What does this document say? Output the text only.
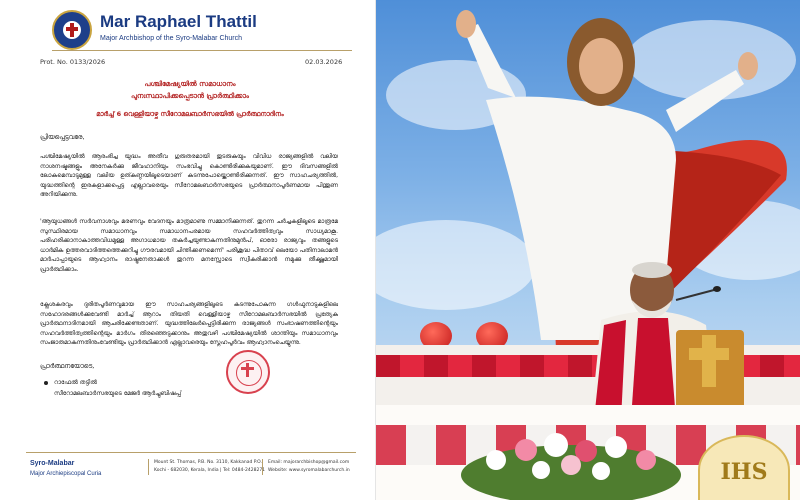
Mar Raphael Thattil
Major Archbishop of the Syro-Malabar Church
Prot. No. 0133/2026	02.03.2026
പശ്ചിമേഷ്യയിൽ സമാധാനം
പുനഃസ്ഥാപിക്കപ്പെടാൻ പ്രാർത്ഥിക്കാം
മാർച്ച് 6 വെള്ളിയാഴ്ച സീറോമലബാർസഭയിൽ പ്രാർത്ഥനാദിനം
പ്രിയപ്പെട്ടവരേ,

പശ്ചിമേഷ്യയിൽ ആരംഭിച്ച യുദ്ധം അതീവ ഗുരുതരമായി തുടരുകയും വിവിധ രാജ്യങ്ങളിൽ വലിയ നാശനഷ്ടങ്ങളും അനേകർക്കു ജീവഹാനിയും സംഭവിച്ചു കൊണ്ടിരിക്കുകയുമാണ്. ഈ ദിവസങ്ങളിൽ ലോകമെമ്പാടുമുള്ള വലിയ ഉത്കണ്ഠയിലൂടെയാണ് കടന്നുപോയ്ക്കൊണ്ടിരിക്കുന്നത്. ഈ സാഹചര്യത്തിൽ, യുദ്ധത്തിന്റെ ഇരകളാക്കപ്പെട്ട എല്ലാവരെയും സീറോമലബാർസഭയുടെ പ്രാർത്ഥനാപൂർണമായ പിന്തുണ അറിയിക്കുന്നു.

'ആയുധങ്ങൾ സർവനാശവും മരണവും വേദനയും മാത്രമാണു സമ്മാനിക്കുന്നത്. തുറന്ന ചർച്ചകളിലൂടെ മാത്രമേ സുസ്ഥിരമായ സമാധാനവും സമാധാനപരമായ സഹവർത്തിത്വവും സാധ്യമാകൂ. പരിഹരിക്കാനാകാത്തവിധമുള്ള അഗാധമായ തകർച്ചയുണ്ടാകുന്നതിനുമുൻപ്, ഓരോ രാജ്യവും തങ്ങളുടെ ധാർമിക ഉത്തരവാദിത്തത്തെക്കുറിച്ചു ഗൗരവമായി ചിന്തിക്കണമെന്ന്' പരിശുദ്ധ പിതാവ് ലെയോ പതിനാലാമൻ മാർപാപ്പായുടെ ആഹ്വാനം രാഷ്ട്രനേതാക്കൾ തുറന്ന മനസ്സോടെ സ്വീകരിക്കാൻ നമുക്കു തീക്ഷ്ണമായി പ്രാർത്ഥിക്കാം.

ക്ലേശകരവും ദുരിതപൂർണവുമായ ഈ സാഹചര്യങ്ങളിലൂടെ കടന്നുപോകുന്ന ഗൾഫുനാടുകളിലെ സഹോദരങ്ങൾക്കുവേണ്ടി മാർച്ച് ആറാം തിയതി വെള്ളിയാഴ്ച സീറോമലബാർസഭയിൽ പ്രത്യേക പ്രാർത്ഥനാദിനമായി ആചരിക്കേണ്ടതാണ്. യുദ്ധത്തിലേർപ്പെട്ടിരിക്കുന്ന രാജ്യങ്ങൾ സംഭാഷണത്തിന്റെയും സഹവർത്തിത്വത്തിന്റെയും മാർഗം തിരഞ്ഞെടുക്കാനും അതുവഴി പശ്ചിമേഷ്യയിൽ ശാന്തിയും സമാധാനവും സംജാതമാകുന്നതിനുംവേണ്ടിയും പ്രാർത്ഥിക്കാൻ എല്ലാവരെയും സ്നേഹപൂർവം ആഹ്വാനംചെയ്യുന്നു.

പ്രാർത്ഥനയോടെ,
റാഫേൽ തട്ടിൽ
സീറോമലബാർസഭയുടെ മേജർ ആർച്ചുബിഷപ്പ്
Syro-Malabar
Major Archiepiscopal Curia
Mount St. Thomas, P.B. No. 3110, Kakkanad P.O.,
Kochi - 682030, Kerala, India | Tel: 0484-2428271
Email: majorarchbishop@gmail.com
Website: www.syromalabarchurch.in	IHS
